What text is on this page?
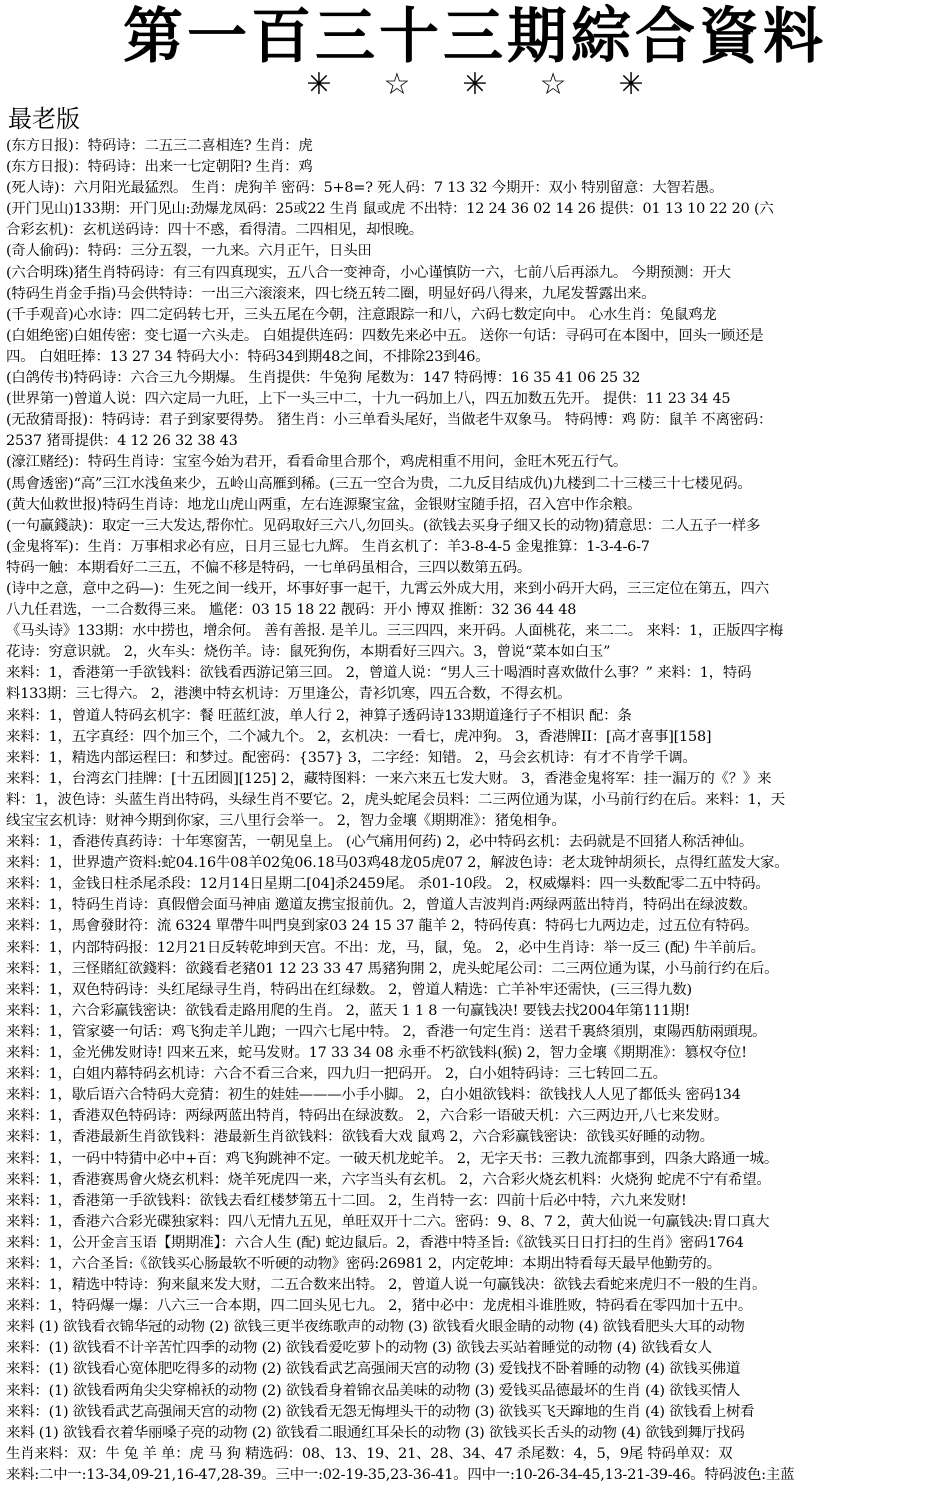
第一百三十三期綜合資料
✳ ☆ ✳ ☆ ✳
最老版
(东方日报)：特码诗：二五三二喜相连? 生肖：虎
(东方日报)：特码诗：出来一七定朝阳? 生肖：鸡
(死人诗)：六月阳光最猛烈。 生肖：虎狗羊 密码：5+8=? 死人码：7 13 32 今期开：双小 特别留意：大智若愚。
(开门见山)133期：开门见山:劲爆龙凤码：25或22 生肖 鼠或虎 不出特：12 24 36 02 14 26 提供：01 13 10 22 20 (六
合彩玄机)：玄机送码诗：四十不惑，看得清。二四相见，却恨晚。
(奇人偷码)：特码：三分五裂，一九来。六月正午，日头田
(六合明珠)猪生肖特码诗：有三有四真现实，五八合一变神奇，小心谨慎防一六，七前八后再添九。 今期预测：开大
(特码生肖金手指)马会供特诗：一出三六滚滚来，四七绕五转二圈，明显好码八得来，九尾发誓露出来。
(千手观音)心水诗：四二定码转七开，三头五尾在今朝，注意跟踪一和八，六码七数定向中。 心水生肖：兔鼠鸡龙
(白姐绝密)白姐传密：变七逼一六头走。 白姐提供连码：四数先来必中五。 送你一句话：寻码可在本图中，回头一顾还是
四。 白姐旺捧：13 27 34 特码大小：特码34到期48之间，不排除23到46。
(白鸽传书)特码诗：六合三九今期爆。 生肖提供：牛兔狗 尾数为：147 特码博：16 35 41 06 25 32
(世界第一)曾道人说：四六定局一九旺，上下一头三中二，十九一码加上八，四五加数五先开。 提供：11 23 34 45
(无敌猜哥报)：特码诗：君子到家要得势。 猪生肖：小三单看头尾好，当做老牛双象马。 特码博：鸡 防：鼠羊 不离密码：
2537 猪哥提供：4 12 26 32 38 43
(濠江赌经)：特码生肖诗：宝室今始为君开，看看命里合那个，鸡虎相重不用问，金旺木死五行气。
(馬會透密)“高”三江水浅鱼来少，五岭山高雁到稀。(三五一空合为贵，二九反目结成仇)九楼到二十三楼三十七楼见码。
(黄大仙救世报)特码生肖诗：地龙山虎山两重，左右连源聚宝盆，金银财宝随手招，召入宫中作余粮。
(一句赢錢訣)：取定一三大发达,帮你忙。见码取好三六八,勿回头。(欲钱去买身子细又长的动物)猜意思：二人五子一样多
(金鬼将军)：生肖：万事相求必有应，日月三显七九辉。 生肖玄机了：羊3-8-4-5 金鬼推算：1-3-4-6-7
特码一触：本期看好二三五，不偏不移是特码，一七单码虽相合，三四以数第五码。
(诗中之意，意中之码—)：生死之间一线开，坏事好事一起干，九霄云外成大用，来到小码开大码，三三定位在第五，四六
八九任君选，一二合数得三来。 尴佬：03 15 18 22 靓码：开小 博双 推断：32 36 44 48
《马头诗》133期：水中捞也，增余何。 善有善报. 是羊儿。三三四四，来开码。人面桃花，来二二。 来料：1，正版四字梅
花诗：穷意识就。 2，火车头：烧伤羊。诗：鼠死狗伤，本期看好三四六。3，曾说“菜本如白玉”
来料：1，香港第一手欲钱料：欲钱看西游记第三回。 2，曾道人说：“男人三十喝酒时喜欢做什么事？” 来料：1，特码
料133期：三七得六。 2，港澳中特玄机诗：万里逢公，青衫饥寒，四五合数，不得玄机。
来料：1，曾道人特码玄机字：餐 旺蓝红波，单人行 2，神算子透码诗133期道逢行子不相识 配：条
来料：1，五字真经：四个加三个，二个减九个。 2，玄机决：一看七，虎冲狗。 3，香港牌II：[高才喜事][158]
来料：1，精选内部运程曰：和梦过。配密码：{357} 3，二字经：知错。 2，马会玄机诗：有才不肯学千调。
来料：1，台湾玄门挂牌：[十五团圆][125] 2，藏特图料：一来六来五七发大财。 3，香港金鬼将军：挂一漏万的《？》来
料：1，波色诗：头蓝生肖出特码，头绿生肖不要它。2，虎头蛇尾会员料：二三两位通为谋，小马前行约在后。来料：1，天
线宝宝玄机诗：财神今期到你家，三八里行会举一。 2，智力金壤《期期准》：猪兔相争。
来料：1，香港传真药诗：十年寒窗苦，一朝见皇上。 (心气痛用何药) 2，必中特码玄机：去码就是不回猪人称活神仙。
来料：1，世界遗产资料:蛇04.16牛08羊02兔06.18马03鸡48龙05虎07 2，解波色诗：老太珑钟胡须长，点得红蓝发大家。
来料：1，金钱日柱杀尾杀段：12月14日星期二[04]杀2459尾。 杀01-10段。 2，权威爆料：四一头数配零二五中特码。
来料：1，特码生肖诗：真假僧会面马神庙 邀道友携宝报前仇。2，曾道人吉波判肖:两绿两蓝出特肖，特码出在绿波数。
来料：1，馬會發財符：流 6324 單帶牛叫門臭到家03 24 15 37 龍羊 2，特码传真：特码七九两边走，过五位有特码。
来料：1，内部特码报：12月21日反转乾坤到天宫。不出：龙，马，鼠，兔。 2，必中生肖诗：举一反三 (配) 牛羊前后。
来料：1，三怪賭紅欲錢料：欲錢看老豬01 12 23 33 47 馬豬狗開 2，虎头蛇尾公司：二三两位通为谋，小马前行约在后。
来料：1，双色特码诗：头红尾绿寻生肖，特码出在红绿数。 2，曾道人精选：亡羊补牢还需快，(三三得九数)
来料：1，六合彩赢钱密诀：欲钱看走路用爬的生肖。 2，蓝天 1 1 8 一句赢钱决! 要钱去找2004年第111期!
来料：1，管家婆一句话：鸡飞狗走羊儿跑；一四六七尾中特。 2，香港一句定生肖：送君千裏終須別，東陽西舫兩頭現。
来料：1，金光佛发财诗! 四来五来，蛇马发财。17 33 34 08 永垂不朽欲钱料(猴) 2，智力金壤《期期准》：篡权夺位!
来料：1，白姐内幕特码玄机诗：六合不看三合来，四九归一把码开。 2，白小姐特码诗：三七转回二五。
来料：1，歇后语六合特码大竞猜：初生的娃娃———小手小脚。 2，白小姐欲钱料：欲钱找人人见了都低头 密码134
来料：1，香港双色特码诗：两绿两蓝出特肖，特码出在绿波数。 2，六合彩一语破天机：六三两边开,八七来发财。
来料：1，香港最新生肖欲钱料：港最新生肖欲钱料：欲钱看大戏 鼠鸡 2，六合彩赢钱密诀：欲钱买好睡的动物。
来料：1，一码中特猜中必中+百：鸡飞狗跳神不定。一破天机龙蛇羊。 2，无字天书：三教九流都事到，四条大路通一城。
来料：1，香港赛馬會火烧玄机料：烧羊死虎四一来，六字当头有玄机。 2，六合彩火烧玄机料：火烧狗 蛇虎不宁有希望。
来料：1，香港第一手欲钱料：欲钱去看红楼梦第五十二回。 2，生肖特一玄：四前十后必中特，六九来发财!
来料：1，香港六合彩光碟独家料：四八无情九五见，单旺双开十二六。密码：9、8、7 2，黄大仙说一句赢钱决:胃口真大
来料：1，公开金言玉语【期期准】：六合人生 (配) 蛇边鼠后。2，香港中特圣旨:《欲钱买日日打扫的生肖》密码1764
来料：1，六合圣旨:《欲钱买心肠最软不听硬的动物》密码:26981 2，内定乾坤：本期出特看每天最早他勤劳的。
来料：1，精选中特诗：狗来鼠来发大财，二五合数来出特。 2，曾道人说一句赢钱决：欲钱去看蛇来虎归不一般的生肖。
来料：1，特码爆一爆：八六三一合本期，四二回头见七九。 2，猪中必中：龙虎相斗谁胜败，特码看在零四加十五中。
来料 (1) 欲钱看衣锦华冠的动物 (2) 欲钱三更半夜练歌声的动物 (3) 欲钱看火眼金睛的动物 (4) 欲钱看肥头大耳的动物
来料：(1) 欲钱看不计辛苦忙四季的动物 (2) 欲钱看爱吃萝卜的动物 (3) 欲钱去买站着睡觉的动物 (4) 欲钱看女人
来料：(1) 欲钱看心宽体肥吃得多的动物 (2) 欲钱看武艺高强闹天宫的动物 (3) 爱钱找不卧着睡的动物 (4) 欲钱买佛道
来料：(1) 欲钱看两角尖尖穿棉袄的动物 (2) 欲钱看身着锦衣品美味的动物 (3) 爱钱买品德最坏的生肖 (4) 欲钱买情人
来料：(1) 欲钱看武艺高强闹天宫的动物 (2) 欲钱看无怨无悔埋头干的动物 (3) 欲钱买飞天蹿地的生肖 (4) 欲钱看上树看
来料 (1) 欲钱看衣着华丽嗓子亮的动物 (2) 欲钱看二眼通红耳朵长的动物 (3) 欲钱买长舌头的动物 (4) 欲钱到舞厅找码
生肖来料：双：牛 兔 羊 单：虎 马 狗 精选码：08、13、19、21、28、34、47 杀尾数：4，5，9尾 特码单双：双
来料:二中一:13-34,09-21,16-47,28-39。三中一:02-19-35,23-36-41。四中一:10-26-34-45,13-21-39-46。特码波色:主蓝
